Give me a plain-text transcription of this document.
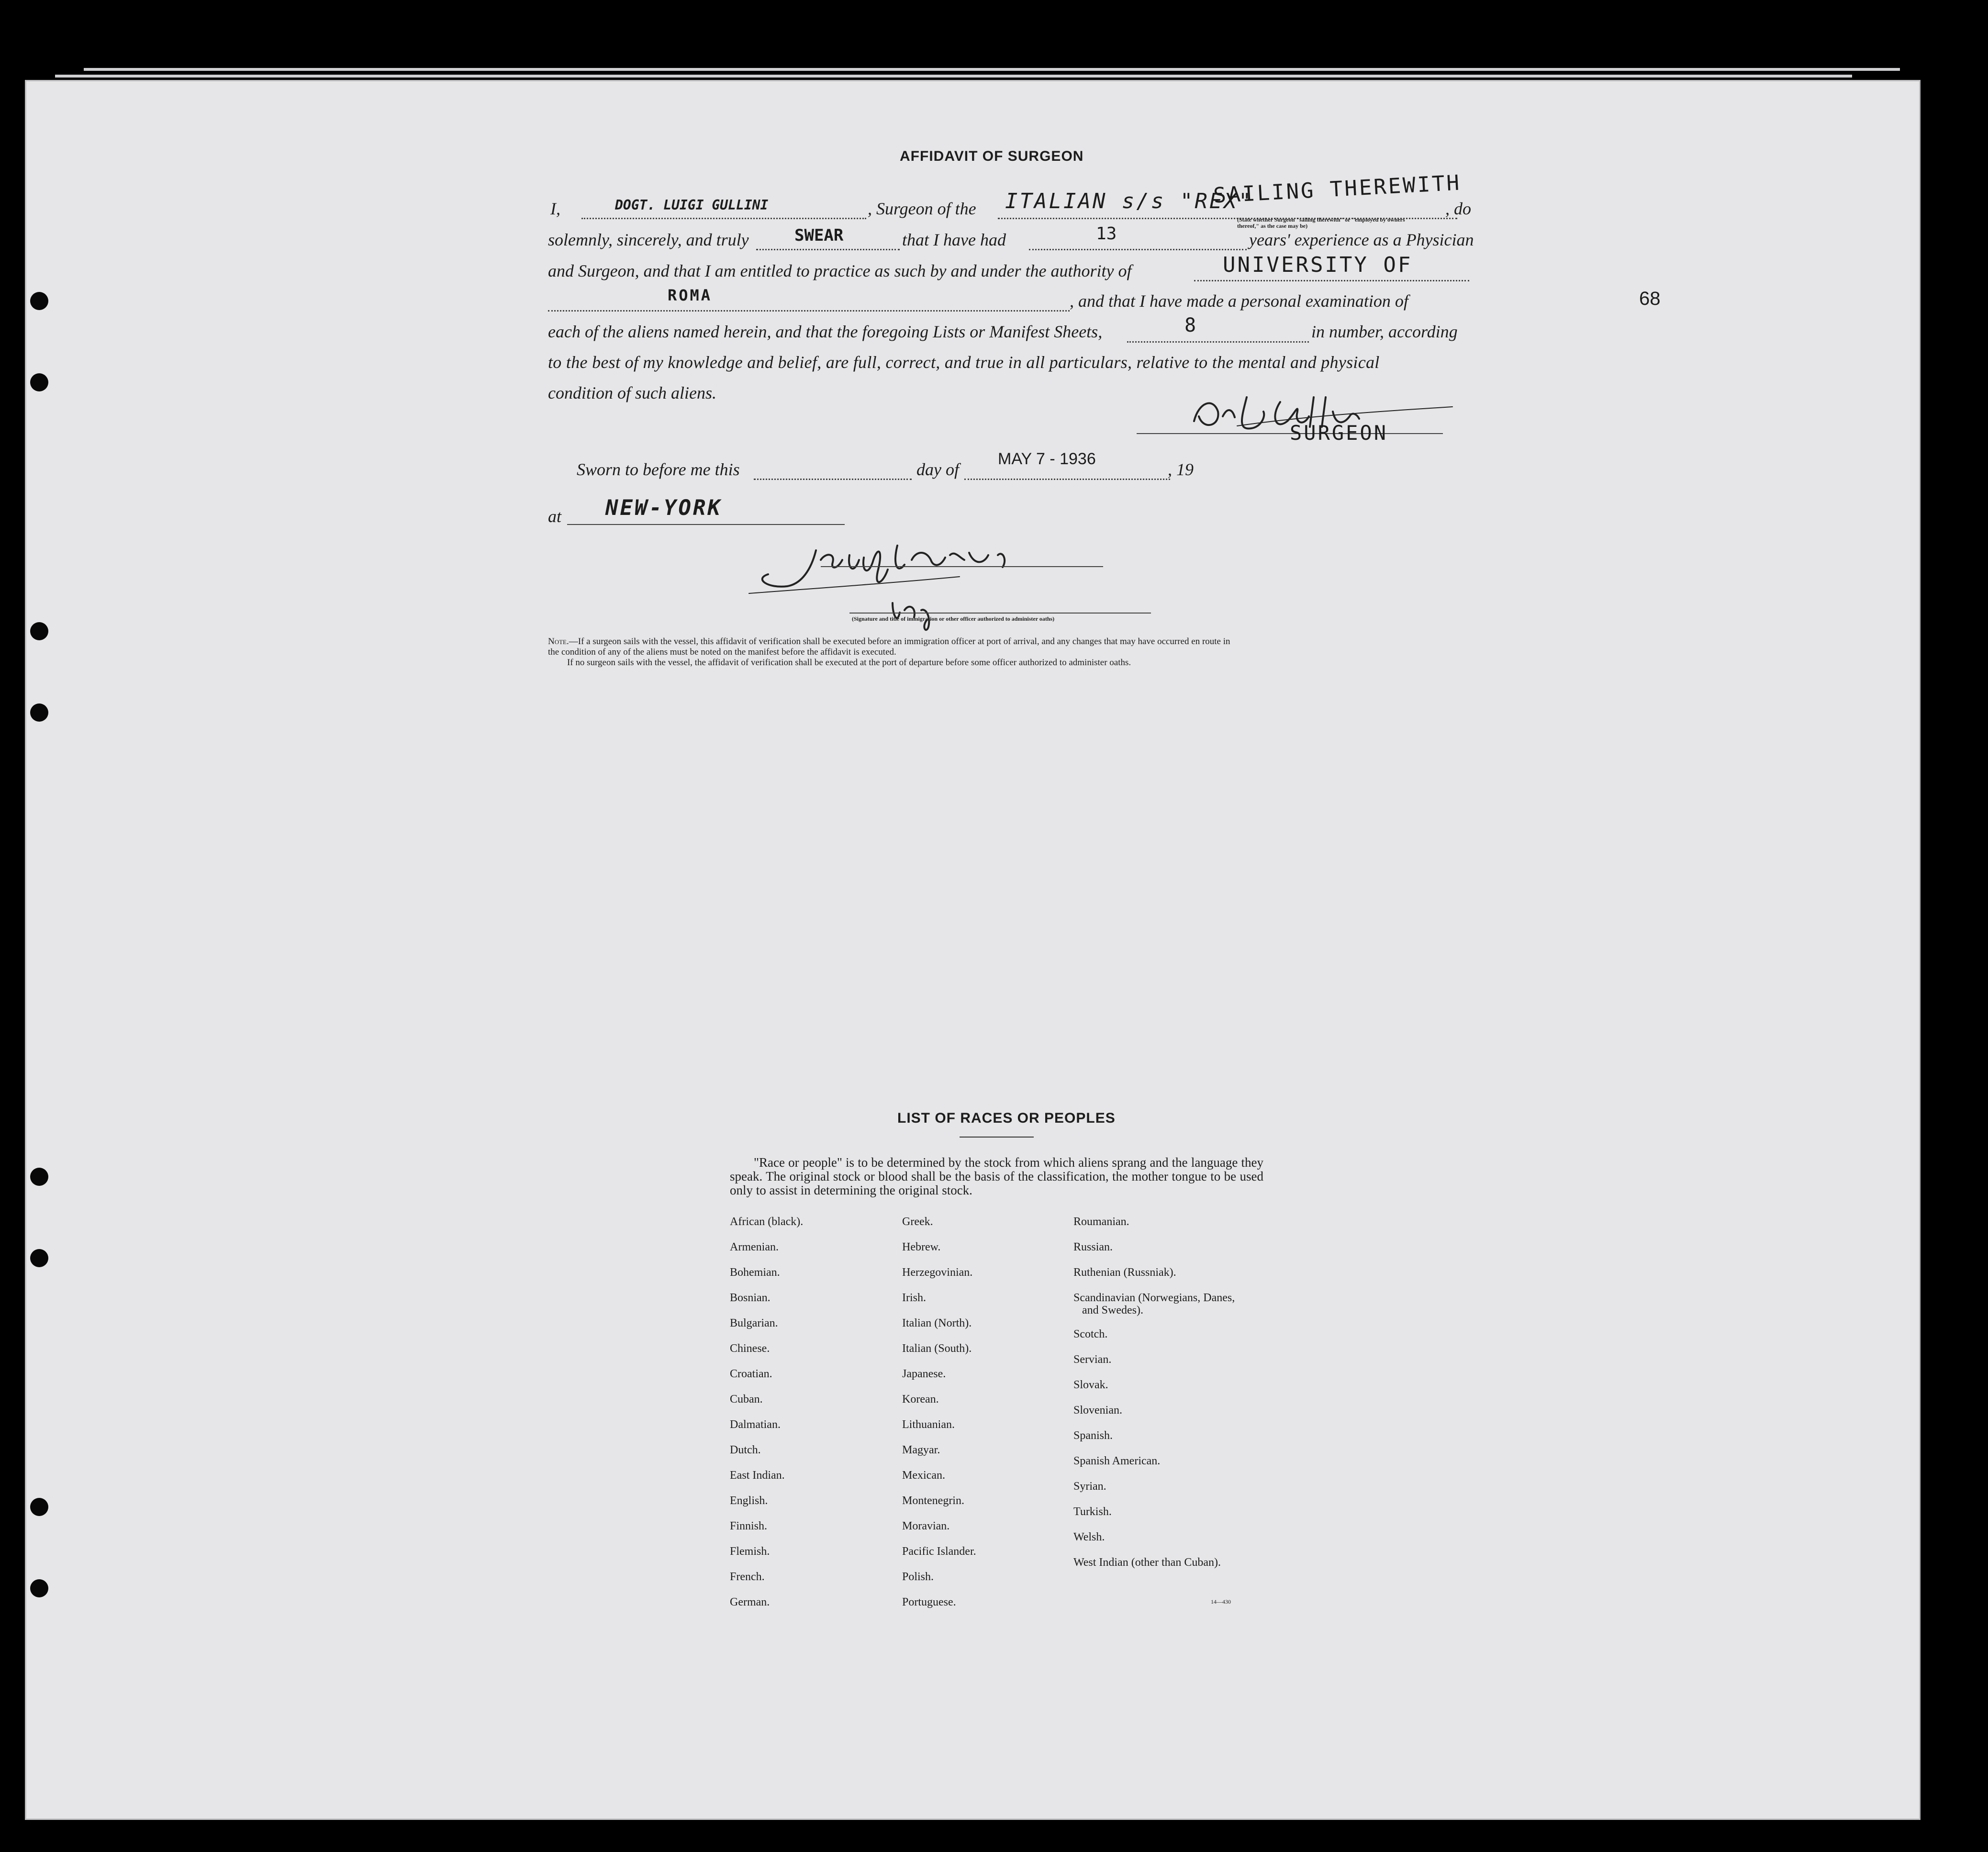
AFFIDAVIT OF SURGEON
I,	DOGT. LUIGI GULLINI	, Surgeon of the ITALIAN s/s "REX"
SAILING THEREWITH
(State whether Surgeon "sailing therewith" or "employed by owners thereof," as the case may be)
, do
solemnly, sincerely, and truly	SWEAR	that I have had	13	years' experience as a Physician
and Surgeon, and that I am entitled to practice as such by and under the authority of	UNIVERSITY OF
ROMA	, and that I have made a personal examination of
each of the aliens named herein, and that the foregoing Lists or Manifest Sheets,	8	in number, according
to the best of my knowledge and belief, are full, correct, and true in all particulars, relative to the mental and physical
condition of such aliens.
SURGEON
Sworn to before me this	day of
MAY 7 - 1936
, 19
at NEW-YORK
(Signature and title of immigration or other officer authorized to administer oaths)
Note.—If a surgeon sails with the vessel, this affidavit of verification shall be executed before an immigration officer at port of arrival, and any changes that may have occurred en route in
the condition of any of the aliens must be noted on the manifest before the affidavit is executed.
If no surgeon sails with the vessel, the affidavit of verification shall be executed at the port of departure before some officer authorized to administer oaths.
68
LIST OF RACES OR PEOPLES
"Race or people" is to be determined by the stock from which aliens sprang and the language they speak. The original stock or blood shall be the basis of the classification, the mother tongue to be used only to assist in determining the original stock.
African (black).
Armenian.
Bohemian.
Bosnian.
Bulgarian.
Chinese.
Croatian.
Cuban.
Dalmatian.
Dutch.
East Indian.
English.
Finnish.
Flemish.
French.
German.
Greek.
Hebrew.
Herzegovinian.
Irish.
Italian (North).
Italian (South).
Japanese.
Korean.
Lithuanian.
Magyar.
Mexican.
Montenegrin.
Moravian.
Pacific Islander.
Polish.
Portuguese.
Roumanian.
Russian.
Ruthenian (Russniak).
Scandinavian (Norwegians, Danes, and Swedes).
Scotch.
Servian.
Slovak.
Slovenian.
Spanish.
Spanish American.
Syrian.
Turkish.
Welsh.
West Indian (other than Cuban).
14—430
